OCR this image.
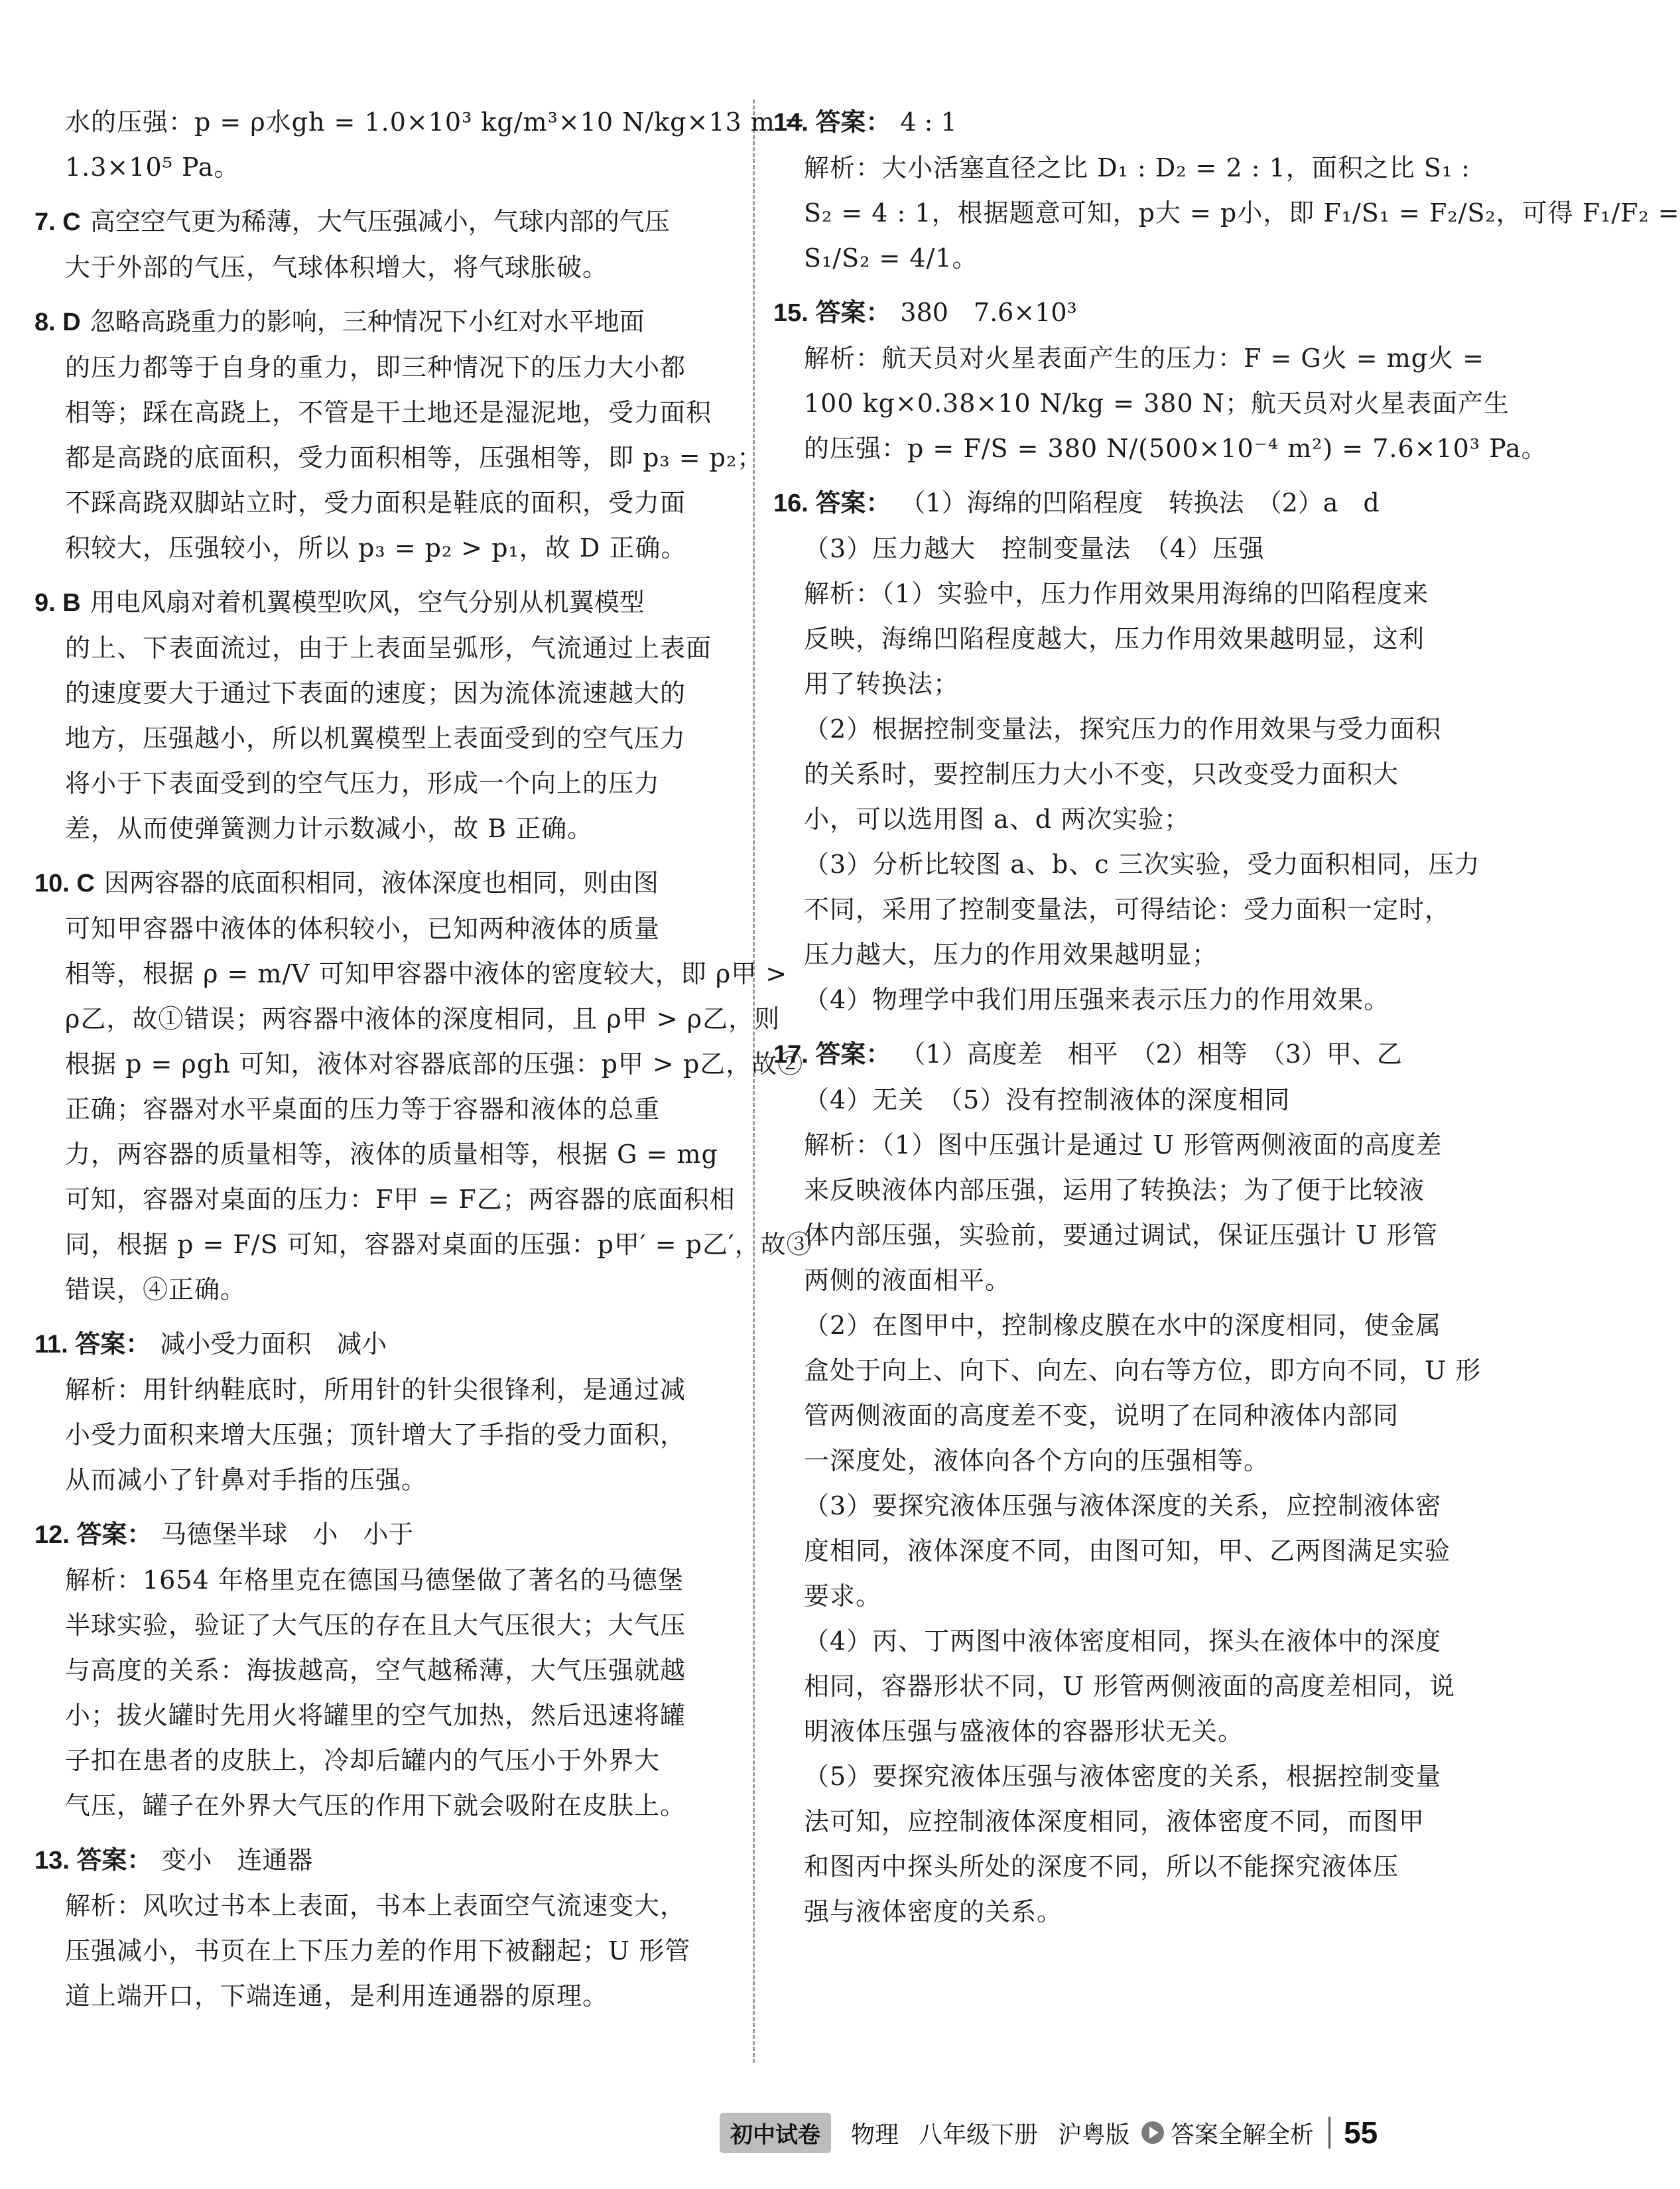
水的压强：p = ρ水gh = 1.0×10³ kg/m³×10 N/kg×13 m =
1.3×10⁵ Pa。
7. C 高空空气更为稀薄，大气压强减小，气球内部的气压
大于外部的气压，气球体积增大，将气球胀破。
8. D 忽略高跷重力的影响，三种情况下小红对水平地面
的压力都等于自身的重力，即三种情况下的压力大小都
相等；踩在高跷上，不管是干土地还是湿泥地，受力面积
都是高跷的底面积，受力面积相等，压强相等，即 p₃ = p₂；
不踩高跷双脚站立时，受力面积是鞋底的面积，受力面
积较大，压强较小，所以 p₃ = p₂ > p₁，故 D 正确。
9. B 用电风扇对着机翼模型吹风，空气分别从机翼模型
的上、下表面流过，由于上表面呈弧形，气流通过上表面
的速度要大于通过下表面的速度；因为流体流速越大的
地方，压强越小，所以机翼模型上表面受到的空气压力
将小于下表面受到的空气压力，形成一个向上的压力
差，从而使弹簧测力计示数减小，故 B 正确。
10. C 因两容器的底面积相同，液体深度也相同，则由图
可知甲容器中液体的体积较小，已知两种液体的质量
相等，根据 ρ = m/V 可知甲容器中液体的密度较大，即 ρ甲 >
ρ乙，故①错误；两容器中液体的深度相同，且 ρ甲 > ρ乙，则
根据 p = ρgh 可知，液体对容器底部的压强：p甲 > p乙，故②
正确；容器对水平桌面的压力等于容器和液体的总重
力，两容器的质量相等，液体的质量相等，根据 G = mg
可知，容器对桌面的压力：F甲 = F乙；两容器的底面积相
同，根据 p = F/S 可知，容器对桌面的压强：p甲′ = p乙′，故③
错误，④正确。
11. 答案： 减小受力面积　减小
解析：用针纳鞋底时，所用针的针尖很锋利，是通过减
小受力面积来增大压强；顶针增大了手指的受力面积，
从而减小了针鼻对手指的压强。
12. 答案： 马德堡半球　小　小于
解析：1654 年格里克在德国马德堡做了著名的马德堡
半球实验，验证了大气压的存在且大气压很大；大气压
与高度的关系：海拔越高，空气越稀薄，大气压强就越
小；拔火罐时先用火将罐里的空气加热，然后迅速将罐
子扣在患者的皮肤上，冷却后罐内的气压小于外界大
气压，罐子在外界大气压的作用下就会吸附在皮肤上。
13. 答案： 变小　连通器
解析：风吹过书本上表面，书本上表面空气流速变大，
压强减小，书页在上下压力差的作用下被翻起；U 形管
道上端开口，下端连通，是利用连通器的原理。
14. 答案： 4 : 1
解析：大小活塞直径之比 D₁ : D₂ = 2 : 1，面积之比 S₁ :
S₂ = 4 : 1，根据题意可知，p大 = p小，即 F₁/S₁ = F₂/S₂，可得 F₁/F₂ =
S₁/S₂ = 4/1。
15. 答案： 380　7.6×10³
解析：航天员对火星表面产生的压力：F = G火 = mg火 =
100 kg×0.38×10 N/kg = 380 N；航天员对火星表面产生
的压强：p = F/S = 380 N/(500×10⁻⁴ m²) = 7.6×10³ Pa。
16. 答案： （1）海绵的凹陷程度　转换法　（2）a　d
（3）压力越大　控制变量法　（4）压强
解析：（1）实验中，压力作用效果用海绵的凹陷程度来
反映，海绵凹陷程度越大，压力作用效果越明显，这利
用了转换法；
（2）根据控制变量法，探究压力的作用效果与受力面积
的关系时，要控制压力大小不变，只改变受力面积大
小，可以选用图 a、d 两次实验；
（3）分析比较图 a、b、c 三次实验，受力面积相同，压力
不同，采用了控制变量法，可得结论：受力面积一定时，
压力越大，压力的作用效果越明显；
（4）物理学中我们用压强来表示压力的作用效果。
17. 答案： （1）高度差　相平　（2）相等　（3）甲、乙
（4）无关　（5）没有控制液体的深度相同
解析：（1）图中压强计是通过 U 形管两侧液面的高度差
来反映液体内部压强，运用了转换法；为了便于比较液
体内部压强，实验前，要通过调试，保证压强计 U 形管
两侧的液面相平。
（2）在图甲中，控制橡皮膜在水中的深度相同，使金属
盒处于向上、向下、向左、向右等方位，即方向不同，U 形
管两侧液面的高度差不变，说明了在同种液体内部同
一深度处，液体向各个方向的压强相等。
（3）要探究液体压强与液体深度的关系，应控制液体密
度相同，液体深度不同，由图可知，甲、乙两图满足实验
要求。
（4）丙、丁两图中液体密度相同，探头在液体中的深度
相同，容器形状不同，U 形管两侧液面的高度差相同，说
明液体压强与盛液体的容器形状无关。
（5）要探究液体压强与液体密度的关系，根据控制变量
法可知，应控制液体深度相同，液体密度不同，而图甲
和图丙中探头所处的深度不同，所以不能探究液体压
强与液体密度的关系。
初中试卷	物理 八年级下册 沪粤版 答案全解全析 55
